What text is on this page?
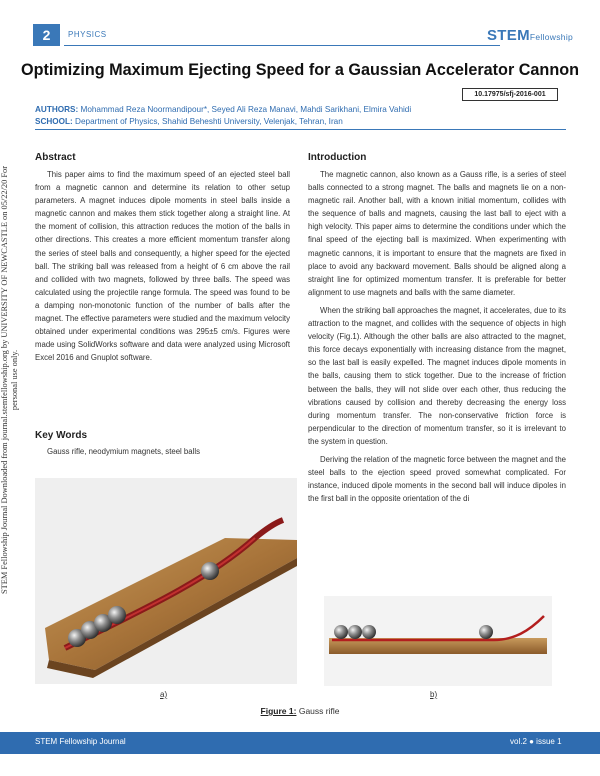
2	PHYSICS	STEMFellowship
Optimizing Maximum Ejecting Speed for a Gaussian Accelerator Cannon
10.17975/sfj-2016-001
AUTHORS: Mohammad Reza Noormandipour*, Seyed Ali Reza Manavi, Mahdi Sarikhani, Elmira Vahidi
SCHOOL: Department of Physics, Shahid Beheshti University, Velenjak, Tehran, Iran
STEM Fellowship Journal Downloaded from journal.stemfellowship.org by UNIVERSITY OF NEWCASTLE on 05/22/20 For personal use only.
Abstract

This paper aims to find the maximum speed of an ejected steel ball from a magnetic cannon and determine its relation to other setup parameters. A magnet induces dipole moments in steel balls inside a magnetic cannon and makes them stick together along a straight line. At the moment of collision, this attraction reduces the motion of the balls in other directions. This creates a more efficient momentum transfer along the series of steel balls and consequently, a higher speed for the ejected ball. The striking ball was released from a height of 6 cm above the rail and collided with two magnets, followed by three balls. The speed was calculated using the projectile range formula. The speed was found to be a damping non-monotonic function of the number of balls after the magnet. The effective parameters were studied and the maximum velocity obtained under experimental conditions was 295±5 cm/s. Figures were made using SolidWorks software and data were analyzed using Microsoft Excel 2016 and Gnuplot software.

Key Words
Gauss rifle, neodymium magnets, steel balls
Introduction

The magnetic cannon, also known as a Gauss rifle, is a series of steel balls connected to a strong magnet. The balls and magnets lie on a non-magnetic rail. Another ball, with a known initial momentum, collides with the sequence of balls and magnets, causing the last ball to eject with a high velocity. This paper aims to determine the conditions under which the final speed of the ejecting ball is maximized. When experimenting with magnetic cannons, it is important to ensure that the magnets are fixed in place to avoid any backward movement. Balls should be aligned along a straight line for optimized momentum transfer. It is preferable for better alignment to use magnets and balls with the same diameter.

When the striking ball approaches the magnet, it accelerates, due to its attraction to the magnet, and collides with the sequence of objects in high velocity (Fig.1). Although the other balls are also attracted to the magnet, this force decays exponentially with increasing distance from the magnet, so the last ball is easily expelled. The magnet induces dipole moments in the balls, causing them to stick together. Due to the increase of friction between the balls, they will not slide over each other, thus reducing the vibrations caused by collision and thereby decreasing the energy loss during momentum transfer. The non-conservative friction force is perpendicular to the direction of momentum transfer, so it is irrelevant to the system in question.

Deriving the relation of the magnetic force between the magnet and the steel balls to the ejection speed proved somewhat complicated. For instance, induced dipole moments in the second ball will induce dipoles in the first ball in the opposite orientation of the di

a)	b)
Figure 1: Gauss rifle
STEM Fellowship Journal	vol.2 ● issue 1
